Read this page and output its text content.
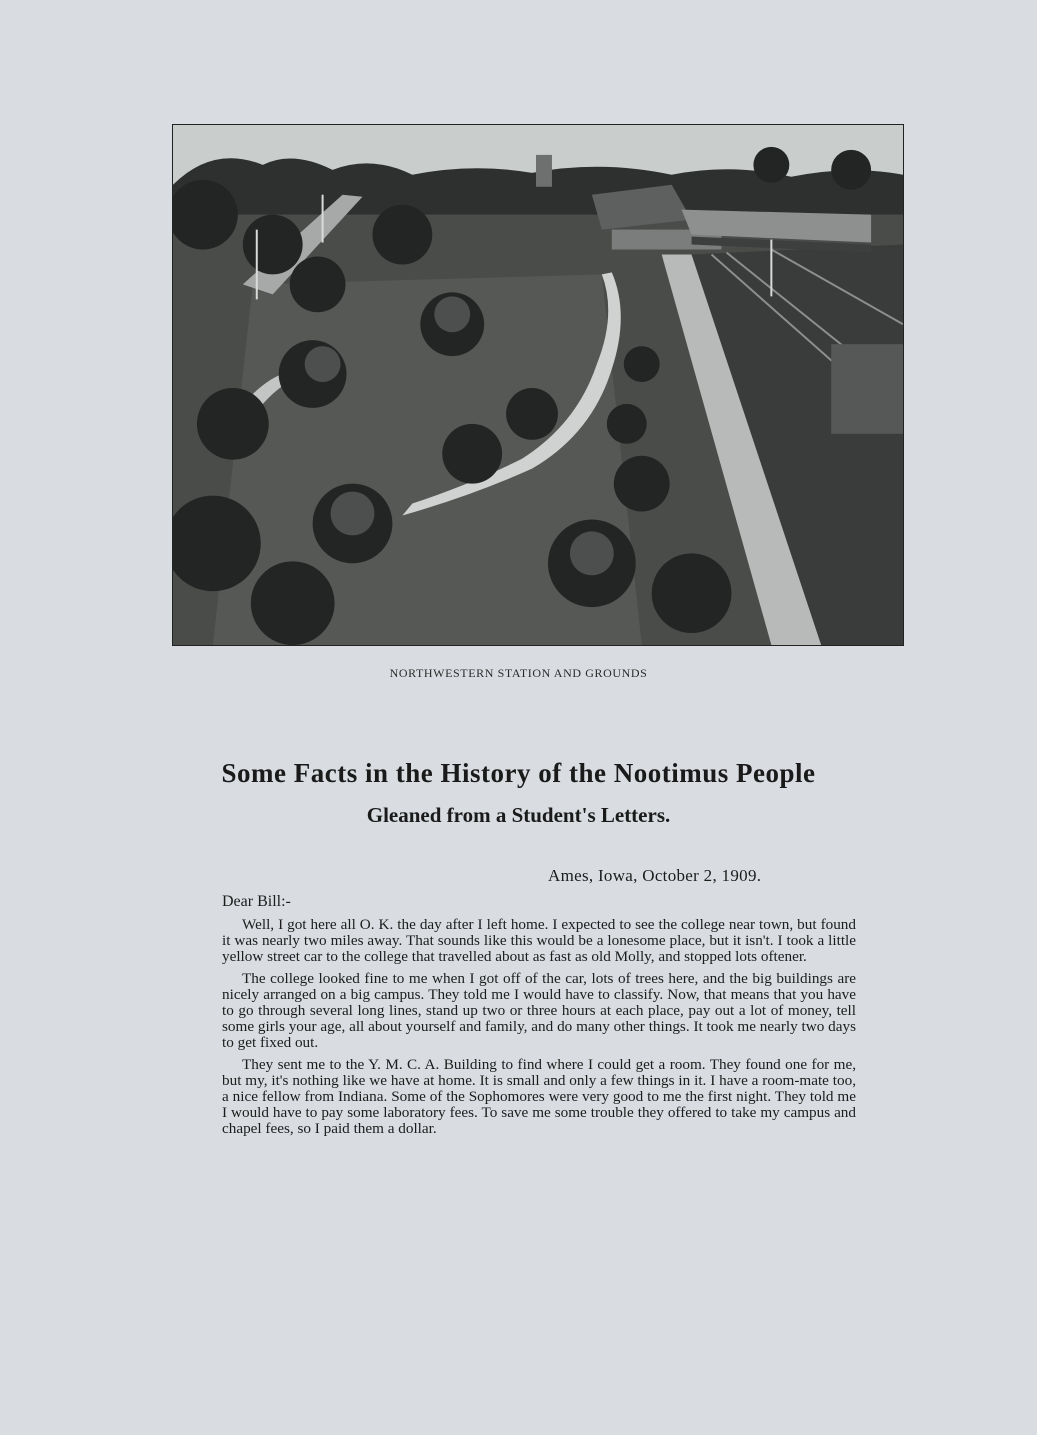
NORTHWESTERN STATION AND GROUNDS
Some Facts in the History of the Nootimus People
Gleaned from a Student's Letters.
Ames, Iowa, October 2, 1909.
Dear Bill:-

Well, I got here all O. K. the day after I left home. I expected to see the college near town, but found it was nearly two miles away. That sounds like this would be a lonesome place, but it isn't. I took a little yellow street car to the college that travelled about as fast as old Molly, and stopped lots oftener.

The college looked fine to me when I got off of the car, lots of trees here, and the big buildings are nicely arranged on a big campus. They told me I would have to classify. Now, that means that you have to go through several long lines, stand up two or three hours at each place, pay out a lot of money, tell some girls your age, all about yourself and family, and do many other things. It took me nearly two days to get fixed out.

They sent me to the Y. M. C. A. Building to find where I could get a room. They found one for me, but my, it's nothing like we have at home. It is small and only a few things in it. I have a room-mate too, a nice fellow from Indiana. Some of the Sophomores were very good to me the first night. They told me I would have to pay some laboratory fees. To save me some trouble they offered to take my campus and chapel fees, so I paid them a dollar.
